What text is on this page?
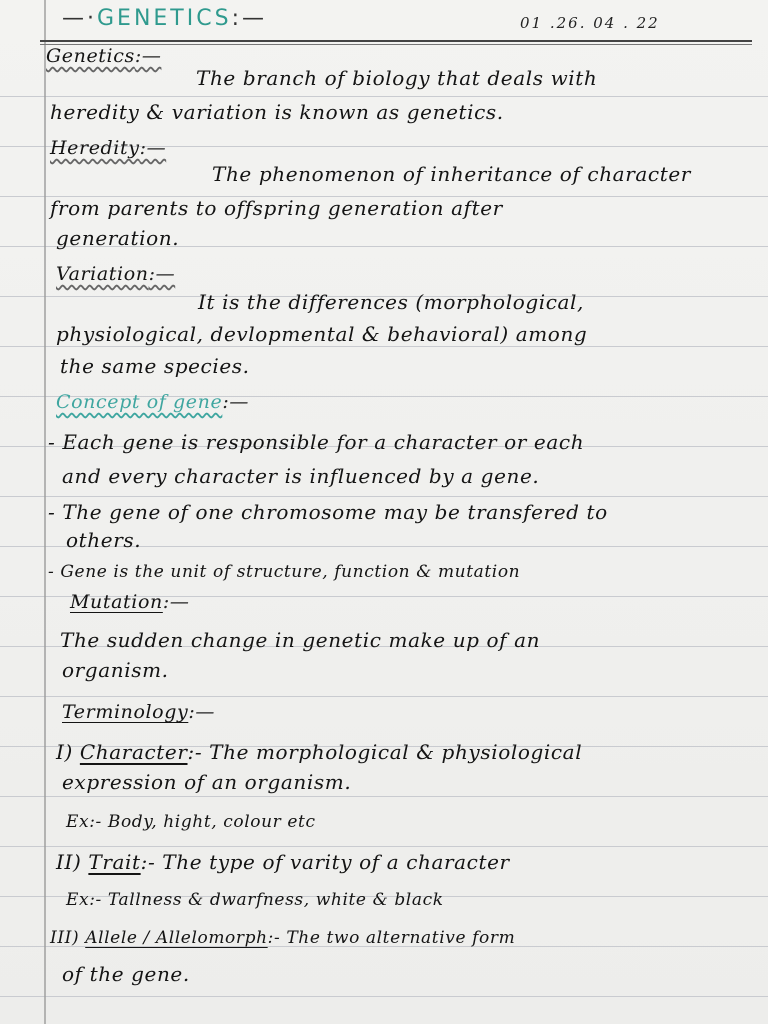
—·GENETICS:—	01 .26. 04 . 22
Genetics:—
The branch of biology that deals with
heredity & variation is known as genetics.
Heredity:—
The phenomenon of inheritance of character
from parents to offspring generation after
generation.
Variation:—
It is the differences (morphological,
physiological, devlopmental & behavioral) among
the same species.
Concept of gene:—
- Each gene is responsible for a character or each
and every character is influenced by a gene.
- The gene of one chromosome may be transfered to
others.
- Gene is the unit of structure, function & mutation
Mutation:—
The sudden change in genetic make up of an
organism.
Terminology:—
I) Character:- The morphological & physiological
expression of an organism.
Ex:- Body, hight, colour etc
II) Trait:- The type of varity of a character
Ex:- Tallness & dwarfness, white & black
III) Allele / Allelomorph:- The two alternative form
of the gene.
